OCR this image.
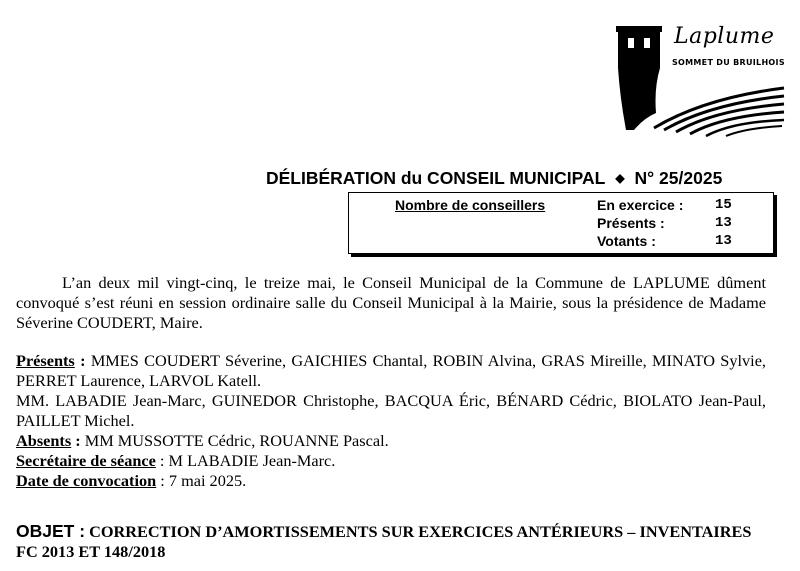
Laplume
SOMMET DU BRUILHOIS
DÉLIBÉRATION du CONSEIL MUNICIPAL ◆ N° 25/2025
Nombre de conseillers	En exercice : 15
Présents :	13
Votants :	13
L’an deux mil vingt-cinq, le treize mai, le Conseil Municipal de la Commune de LAPLUME dûment convoqué s’est réuni en session ordinaire salle du Conseil Municipal à la Mairie, sous la présidence de Madame Séverine COUDERT, Maire.

Présents : MMES COUDERT Séverine, GAICHIES Chantal, ROBIN Alvina, GRAS Mireille, MINATO Sylvie, PERRET Laurence, LARVOL Katell.

MM. LABADIE Jean-Marc, GUINEDOR Christophe, BACQUA Éric, BÉNARD Cédric, BIOLATO Jean-Paul, PAILLET Michel.

Absents : MM MUSSOTTE Cédric, ROUANNE Pascal.

Secrétaire de séance : M LABADIE Jean-Marc.

Date de convocation : 7 mai 2025.

OBJET : CORRECTION D’AMORTISSEMENTS SUR EXERCICES ANTÉRIEURS – INVENTAIRES FC 2013 ET 148/2018
